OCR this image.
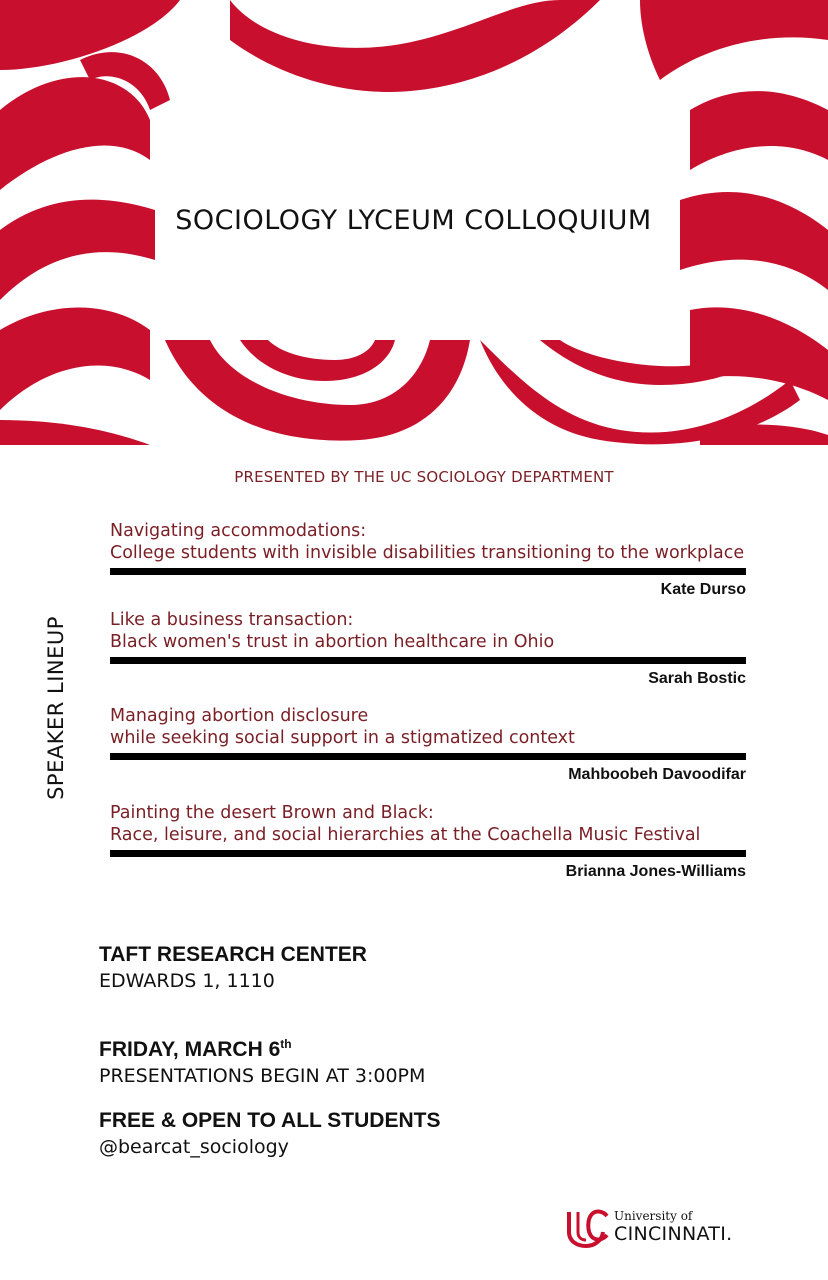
SOCIOLOGY LYCEUM COLLOQUIUM
PRESENTED BY THE UC SOCIOLOGY DEPARTMENT
SPEAKER LINEUP
Navigating accommodations:
College students with invisible disabilities transitioning to the workplace
Kate Durso
Like a business transaction:
Black women's trust in abortion healthcare in Ohio
Sarah Bostic
Managing abortion disclosure
while seeking social support in a stigmatized context
Mahboobeh Davoodifar
Painting the desert Brown and Black:
Race, leisure, and social hierarchies at the Coachella Music Festival
Brianna Jones-Williams
TAFT RESEARCH CENTER
EDWARDS 1, 1110
FRIDAY, MARCH 6th
PRESENTATIONS BEGIN AT 3:00PM
FREE & OPEN TO ALL STUDENTS
@bearcat_sociology
University of
CINCINNATI.
